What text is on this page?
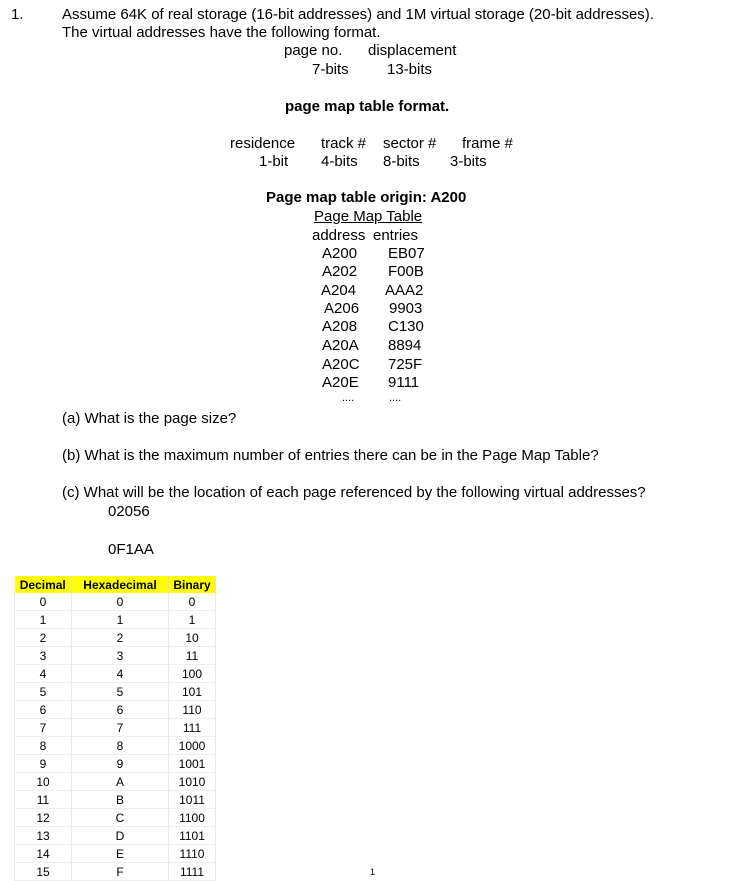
1.	Assume 64K of real storage (16-bit addresses) and 1M virtual storage (20-bit addresses).
The virtual addresses have the following format.
page no. displacement
7-bits	13-bits
page map table format.
residence track # sector # frame #
1-bit 4-bits 8-bits 3-bits
Page map table origin: A200
Page Map Table
address entries
A200 EB07
A202 F00B
A204 AAA2
A206 9903
A208 C130
A20A 8894
A20C 725F
A20E 9111
....	....
(a) What is the page size?
(b) What is the maximum number of entries there can be in the Page Map Table?
(c) What will be the location of each page referenced by the following virtual addresses?
02056
0F1AA
Decimal	Hexadecimal	Binary
0	0	0
1	1	1
2	2	10
3	3	11
4	4	100
5	5	101
6	6	110
7	7	111
8	8	1000
9	9	1001
10	A	1010
11	B	1011
12	C	1100
13	D	1101
14	E	1110
15	F	1111	1
